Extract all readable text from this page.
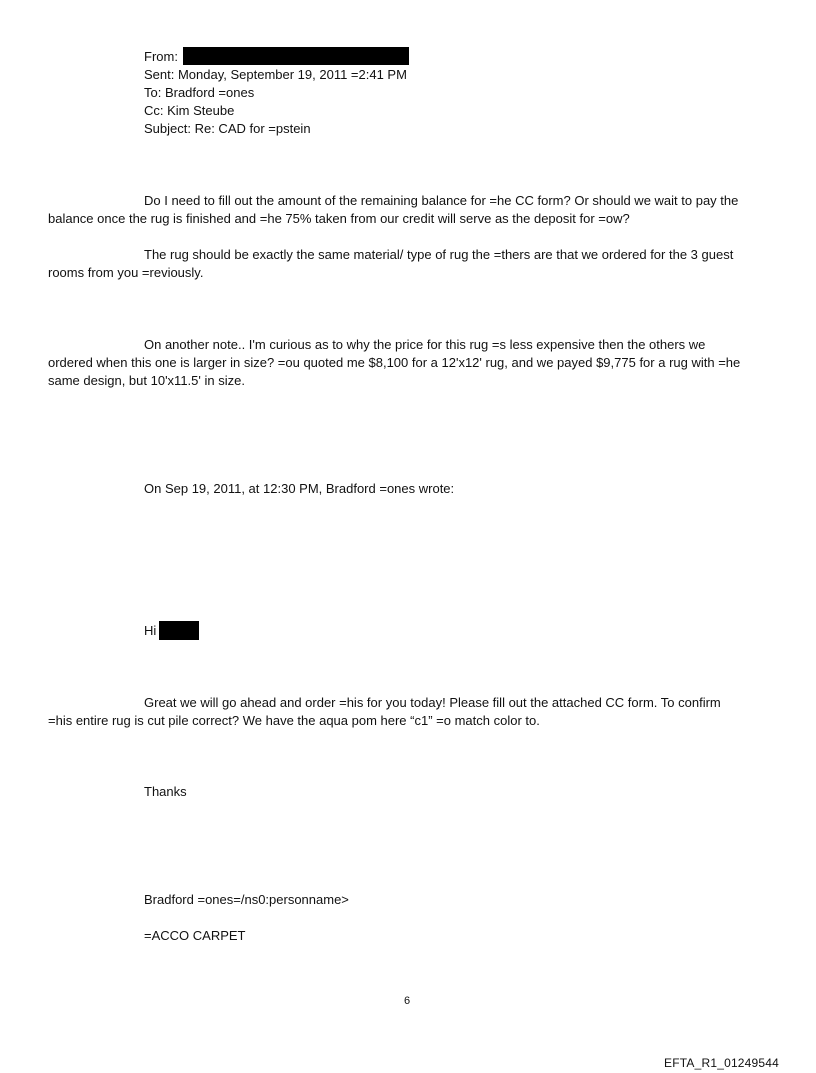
From:
Sent: Monday, September 19, 2011 =2:41 PM
To: Bradford =ones
Cc: Kim Steube
Subject: Re: CAD for =pstein
Do I need to fill out the amount of the remaining balance for =he CC form? Or should we wait to pay the
balance once the rug is finished and =he 75% taken from our credit will serve as the deposit for =ow?
The rug should be exactly the same material/ type of rug the =thers are that we ordered for the 3 guest
rooms from you =reviously.
On another note.. I'm curious as to why the price for this rug =s less expensive then the others we
ordered when this one is larger in size? =ou quoted me $8,100 for a 12'x12' rug, and we payed $9,775 for a rug with =he
same design, but 10'x11.5' in size.
On Sep 19, 2011, at 12:30 PM, Bradford =ones wrote:
Hi
Great we will go ahead and order =his for you today! Please fill out the attached CC form. To confirm
=his entire rug is cut pile correct? We have the aqua pom here “c1” =o match color to.
Thanks
Bradford =ones=/ns0:personname>
=ACCO CARPET
6
EFTA_R1_01249544
